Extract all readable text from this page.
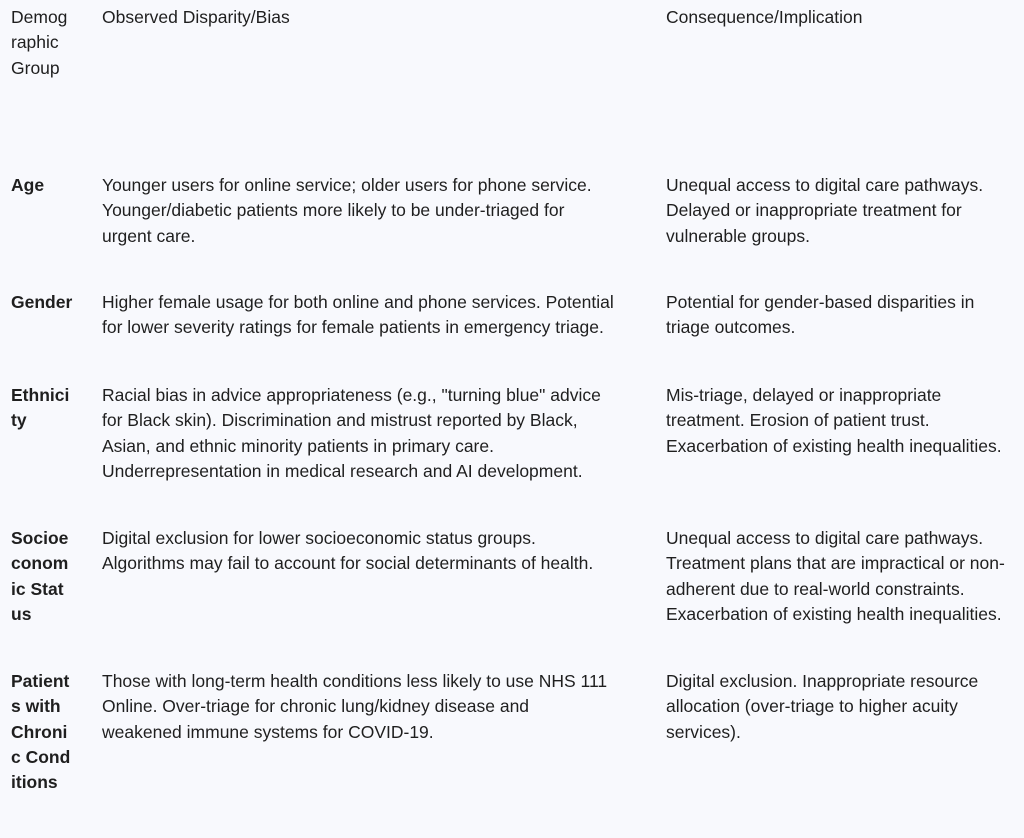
Demographic Group
Observed Disparity/Bias	Consequence/Implication
Age	Younger users for online service; older users for phone service.
Younger/diabetic patients more likely to be under-triaged for
urgent care.
Unequal access to digital care pathways.
Delayed or inappropriate treatment for
vulnerable groups.
Gender Higher female usage for both online and phone services. Potential
for lower severity ratings for female patients in emergency triage.
Potential for gender-based disparities in
triage outcomes.
Ethnicity
Racial bias in advice appropriateness (e.g., "turning blue" advice
for Black skin). Discrimination and mistrust reported by Black,
Asian, and ethnic minority patients in primary care.
Underrepresentation in medical research and AI development.
Mis-triage, delayed or inappropriate
treatment. Erosion of patient trust.
Exacerbation of existing health inequalities.
Socioeconomic Status
Digital exclusion for lower socioeconomic status groups.
Algorithms may fail to account for social determinants of health.
Unequal access to digital care pathways.
Treatment plans that are impractical or non-
adherent due to real-world constraints.
Exacerbation of existing health inequalities.
Patients with Chronic Conditions
Those with long-term health conditions less likely to use NHS 111
Online. Over-triage for chronic lung/kidney disease and
weakened immune systems for COVID-19.
Digital exclusion. Inappropriate resource
allocation (over-triage to higher acuity
services).
